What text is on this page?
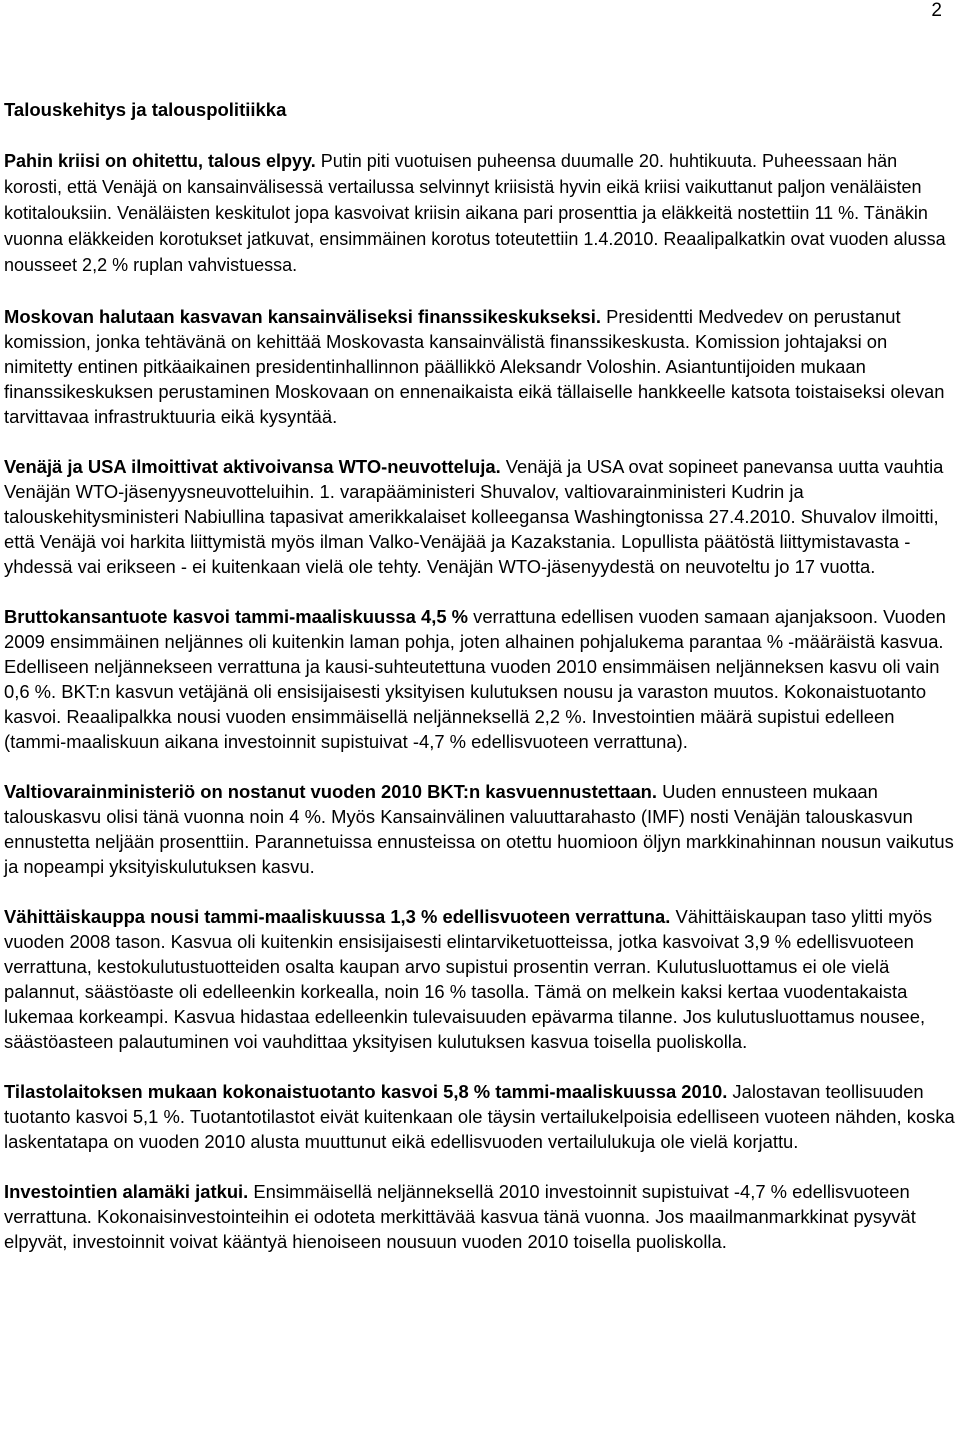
2
Talouskehitys ja talouspolitiikka

Pahin kriisi on ohitettu, talous elpyy. Putin piti vuotuisen puheensa duumalle 20. huhtikuuta. Puheessaan hän korosti, että Venäjä on kansainvälisessä vertailussa selvinnyt kriisistä hyvin eikä kriisi vaikuttanut paljon venäläisten kotitalouksiin. Venäläisten keskitulot jopa kasvoivat kriisin aikana pari prosenttia ja eläkkeitä nostettiin 11 %. Tänäkin vuonna eläkkeiden korotukset jatkuvat, ensimmäinen korotus toteutettiin 1.4.2010. Reaalipalkatkin ovat vuoden alussa nousseet 2,2 % ruplan vahvistuessa.

Moskovan halutaan kasvavan kansainväliseksi finanssikeskukseksi. Presidentti Medvedev on perustanut komission, jonka tehtävänä on kehittää Moskovasta kansainvälistä finanssikeskusta. Komission johtajaksi on nimitetty entinen pitkäaikainen presidentinhallinnon päällikkö Aleksandr Voloshin. Asiantuntijoiden mukaan finanssikeskuksen perustaminen Moskovaan on ennenaikaista eikä tällaiselle hankkeelle katsota toistaiseksi olevan tarvittavaa infrastruktuuria eikä kysyntää.

Venäjä ja USA ilmoittivat aktivoivansa WTO-neuvotteluja. Venäjä ja USA ovat sopineet panevansa uutta vauhtia Venäjän WTO-jäsenyysneuvotteluihin. 1. varapääministeri Shuvalov, valtiovarainministeri Kudrin ja talouskehitysministeri Nabiullina tapasivat amerikkalaiset kolleegansa Washingtonissa 27.4.2010. Shuvalov ilmoitti, että Venäjä voi harkita liittymistä myös ilman Valko-Venäjää ja Kazakstania. Lopullista päätöstä liittymistavasta - yhdessä vai erikseen - ei kuitenkaan vielä ole tehty. Venäjän WTO-jäsenyydestä on neuvoteltu jo 17 vuotta.

Bruttokansantuote kasvoi tammi-maaliskuussa 4,5 % verrattuna edellisen vuoden samaan ajanjaksoon. Vuoden 2009 ensimmäinen neljännes oli kuitenkin laman pohja, joten alhainen pohjalukema parantaa % -määräistä kasvua. Edelliseen neljännekseen verrattuna ja kausi-suhteutettuna vuoden 2010 ensimmäisen neljänneksen kasvu oli vain 0,6 %. BKT:n kasvun vetäjänä oli ensisijaisesti yksityisen kulutuksen nousu ja varaston muutos. Kokonaistuotanto kasvoi. Reaalipalkka nousi vuoden ensimmäisellä neljänneksellä 2,2 %. Investointien määrä supistui edelleen (tammi-maaliskuun aikana investoinnit supistuivat -4,7 % edellisvuoteen verrattuna).

Valtiovarainministeriö on nostanut vuoden 2010 BKT:n kasvuennustettaan. Uuden ennusteen mukaan talouskasvu olisi tänä vuonna noin 4 %. Myös Kansainvälinen valuuttarahasto (IMF) nosti Venäjän talouskasvun ennustetta neljään prosenttiin. Parannetuissa ennusteissa on otettu huomioon öljyn markkinahinnan nousun vaikutus ja nopeampi yksityiskulutuksen kasvu.

Vähittäiskauppa nousi tammi-maaliskuussa 1,3 % edellisvuoteen verrattuna. Vähittäiskaupan taso ylitti myös vuoden 2008 tason. Kasvua oli kuitenkin ensisijaisesti elintarviketuotteissa, jotka kasvoivat 3,9 % edellisvuoteen verrattuna, kestokulutustuotteiden osalta kaupan arvo supistui prosentin verran. Kulutusluottamus ei ole vielä palannut, säästöaste oli edelleenkin korkealla, noin 16 % tasolla. Tämä on melkein kaksi kertaa vuodentakaista lukemaa korkeampi. Kasvua hidastaa edelleenkin tulevaisuuden epävarma tilanne. Jos kulutusluottamus nousee, säästöasteen palautuminen voi vauhdittaa yksityisen kulutuksen kasvua toisella puoliskolla.

Tilastolaitoksen mukaan kokonaistuotanto kasvoi 5,8 % tammi-maaliskuussa 2010. Jalostavan teollisuuden tuotanto kasvoi 5,1 %. Tuotantotilastot eivät kuitenkaan ole täysin vertailukelpoisia edelliseen vuoteen nähden, koska laskentatapa on vuoden 2010 alusta muuttunut eikä edellisvuoden vertailulukuja ole vielä korjattu.

Investointien alamäki jatkui. Ensimmäisellä neljänneksellä 2010 investoinnit supistuivat -4,7 % edellisvuoteen verrattuna. Kokonaisinvestointeihin ei odoteta merkittävää kasvua tänä vuonna. Jos maailmanmarkkinat pysyvät elpyvät, investoinnit voivat kääntyä hienoiseen nousuun vuoden 2010 toisella puoliskolla.
